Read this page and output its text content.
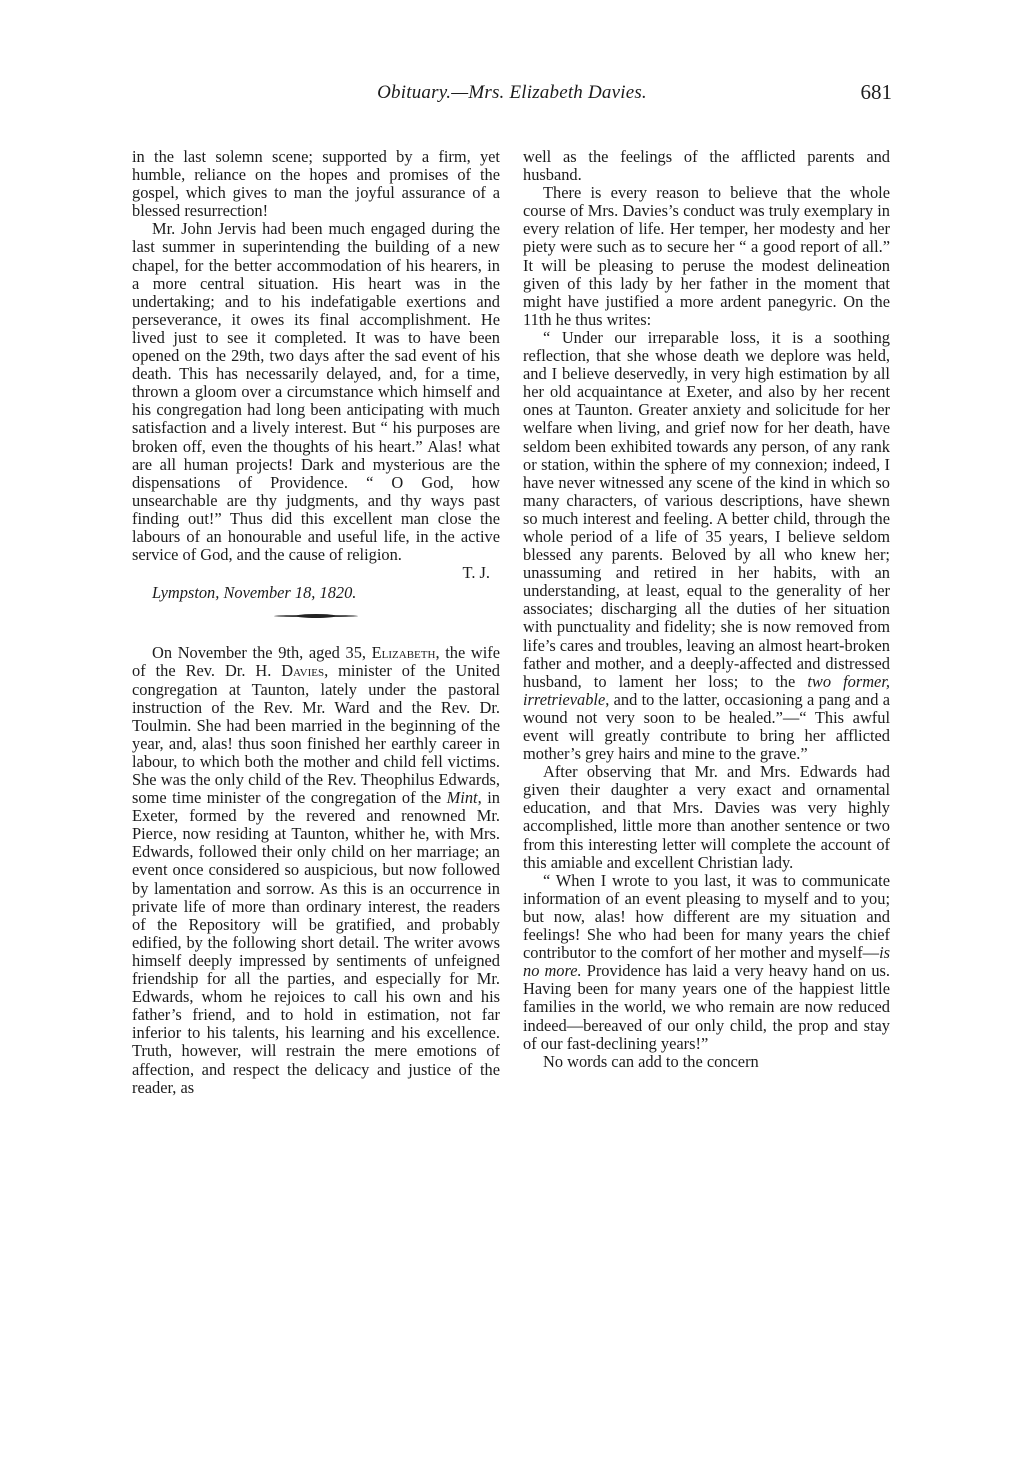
Obituary.—Mrs. Elizabeth Davies.	681

in the last solemn scene; supported by a firm, yet humble, reliance on the hopes and promises of the gospel, which gives to man the joyful assurance of a blessed resurrection!

Mr. John Jervis had been much engaged during the last summer in superintending the building of a new chapel, for the better accommodation of his hearers, in a more central situation. His heart was in the undertaking; and to his indefatigable exertions and perseverance, it owes its final accomplishment. He lived just to see it completed. It was to have been opened on the 29th, two days after the sad event of his death. This has necessarily delayed, and, for a time, thrown a gloom over a circumstance which himself and his congregation had long been anticipating with much satisfaction and a lively interest. But “ his purposes are broken off, even the thoughts of his heart.” Alas! what are all human projects! Dark and mysterious are the dispensations of Providence. “ O God, how unsearchable are thy judgments, and thy ways past finding out!” Thus did this excellent man close the labours of an honourable and useful life, in the active service of God, and the cause of religion.

T. J.

Lympston, November 18, 1820.

On November the 9th, aged 35, Elizabeth, the wife of the Rev. Dr. H. Davies, minister of the United congregation at Taunton, lately under the pastoral instruction of the Rev. Mr. Ward and the Rev. Dr. Toulmin. She had been married in the beginning of the year, and, alas! thus soon finished her earthly career in labour, to which both the mother and child fell victims. She was the only child of the Rev. Theophilus Edwards, some time minister of the congregation of the Mint, in Exeter, formed by the revered and renowned Mr. Pierce, now residing at Taunton, whither he, with Mrs. Edwards, followed their only child on her marriage; an event once considered so auspicious, but now followed by lamentation and sorrow. As this is an occurrence in private life of more than ordinary interest, the readers of the Repository will be gratified, and probably edified, by the following short detail. The writer avows himself deeply impressed by sentiments of unfeigned friendship for all the parties, and especially for Mr. Edwards, whom he rejoices to call his own and his father’s friend, and to hold in estimation, not far inferior to his talents, his learning and his excellence. Truth, however, will restrain the mere emotions of affection, and respect the delicacy and justice of the reader, as

well as the feelings of the afflicted parents and husband.

There is every reason to believe that the whole course of Mrs. Davies’s conduct was truly exemplary in every relation of life. Her temper, her modesty and her piety were such as to secure her “ a good report of all.” It will be pleasing to peruse the modest delineation given of this lady by her father in the moment that might have justified a more ardent panegyric. On the 11th he thus writes:

“ Under our irreparable loss, it is a soothing reflection, that she whose death we deplore was held, and I believe deservedly, in very high estimation by all her old acquaintance at Exeter, and also by her recent ones at Taunton. Greater anxiety and solicitude for her welfare when living, and grief now for her death, have seldom been exhibited towards any person, of any rank or station, within the sphere of my connexion; indeed, I have never witnessed any scene of the kind in which so many characters, of various descriptions, have shewn so much interest and feeling. A better child, through the whole period of a life of 35 years, I believe seldom blessed any parents. Beloved by all who knew her; unassuming and retired in her habits, with an understanding, at least, equal to the generality of her associates; discharging all the duties of her situation with punctuality and fidelity; she is now removed from life’s cares and troubles, leaving an almost heart-broken father and mother, and a deeply-affected and distressed husband, to lament her loss; to the two former, irretrievable, and to the latter, occasioning a pang and a wound not very soon to be healed.”—“ This awful event will greatly contribute to bring her afflicted mother’s grey hairs and mine to the grave.”

After observing that Mr. and Mrs. Edwards had given their daughter a very exact and ornamental education, and that Mrs. Davies was very highly accomplished, little more than another sentence or two from this interesting letter will complete the account of this amiable and excellent Christian lady.

“ When I wrote to you last, it was to communicate information of an event pleasing to myself and to you; but now, alas! how different are my situation and feelings! She who had been for many years the chief contributor to the comfort of her mother and myself—is no more. Providence has laid a very heavy hand on us. Having been for many years one of the happiest little families in the world, we who remain are now reduced indeed—bereaved of our only child, the prop and stay of our fast-declining years!”

No words can add to the concern
